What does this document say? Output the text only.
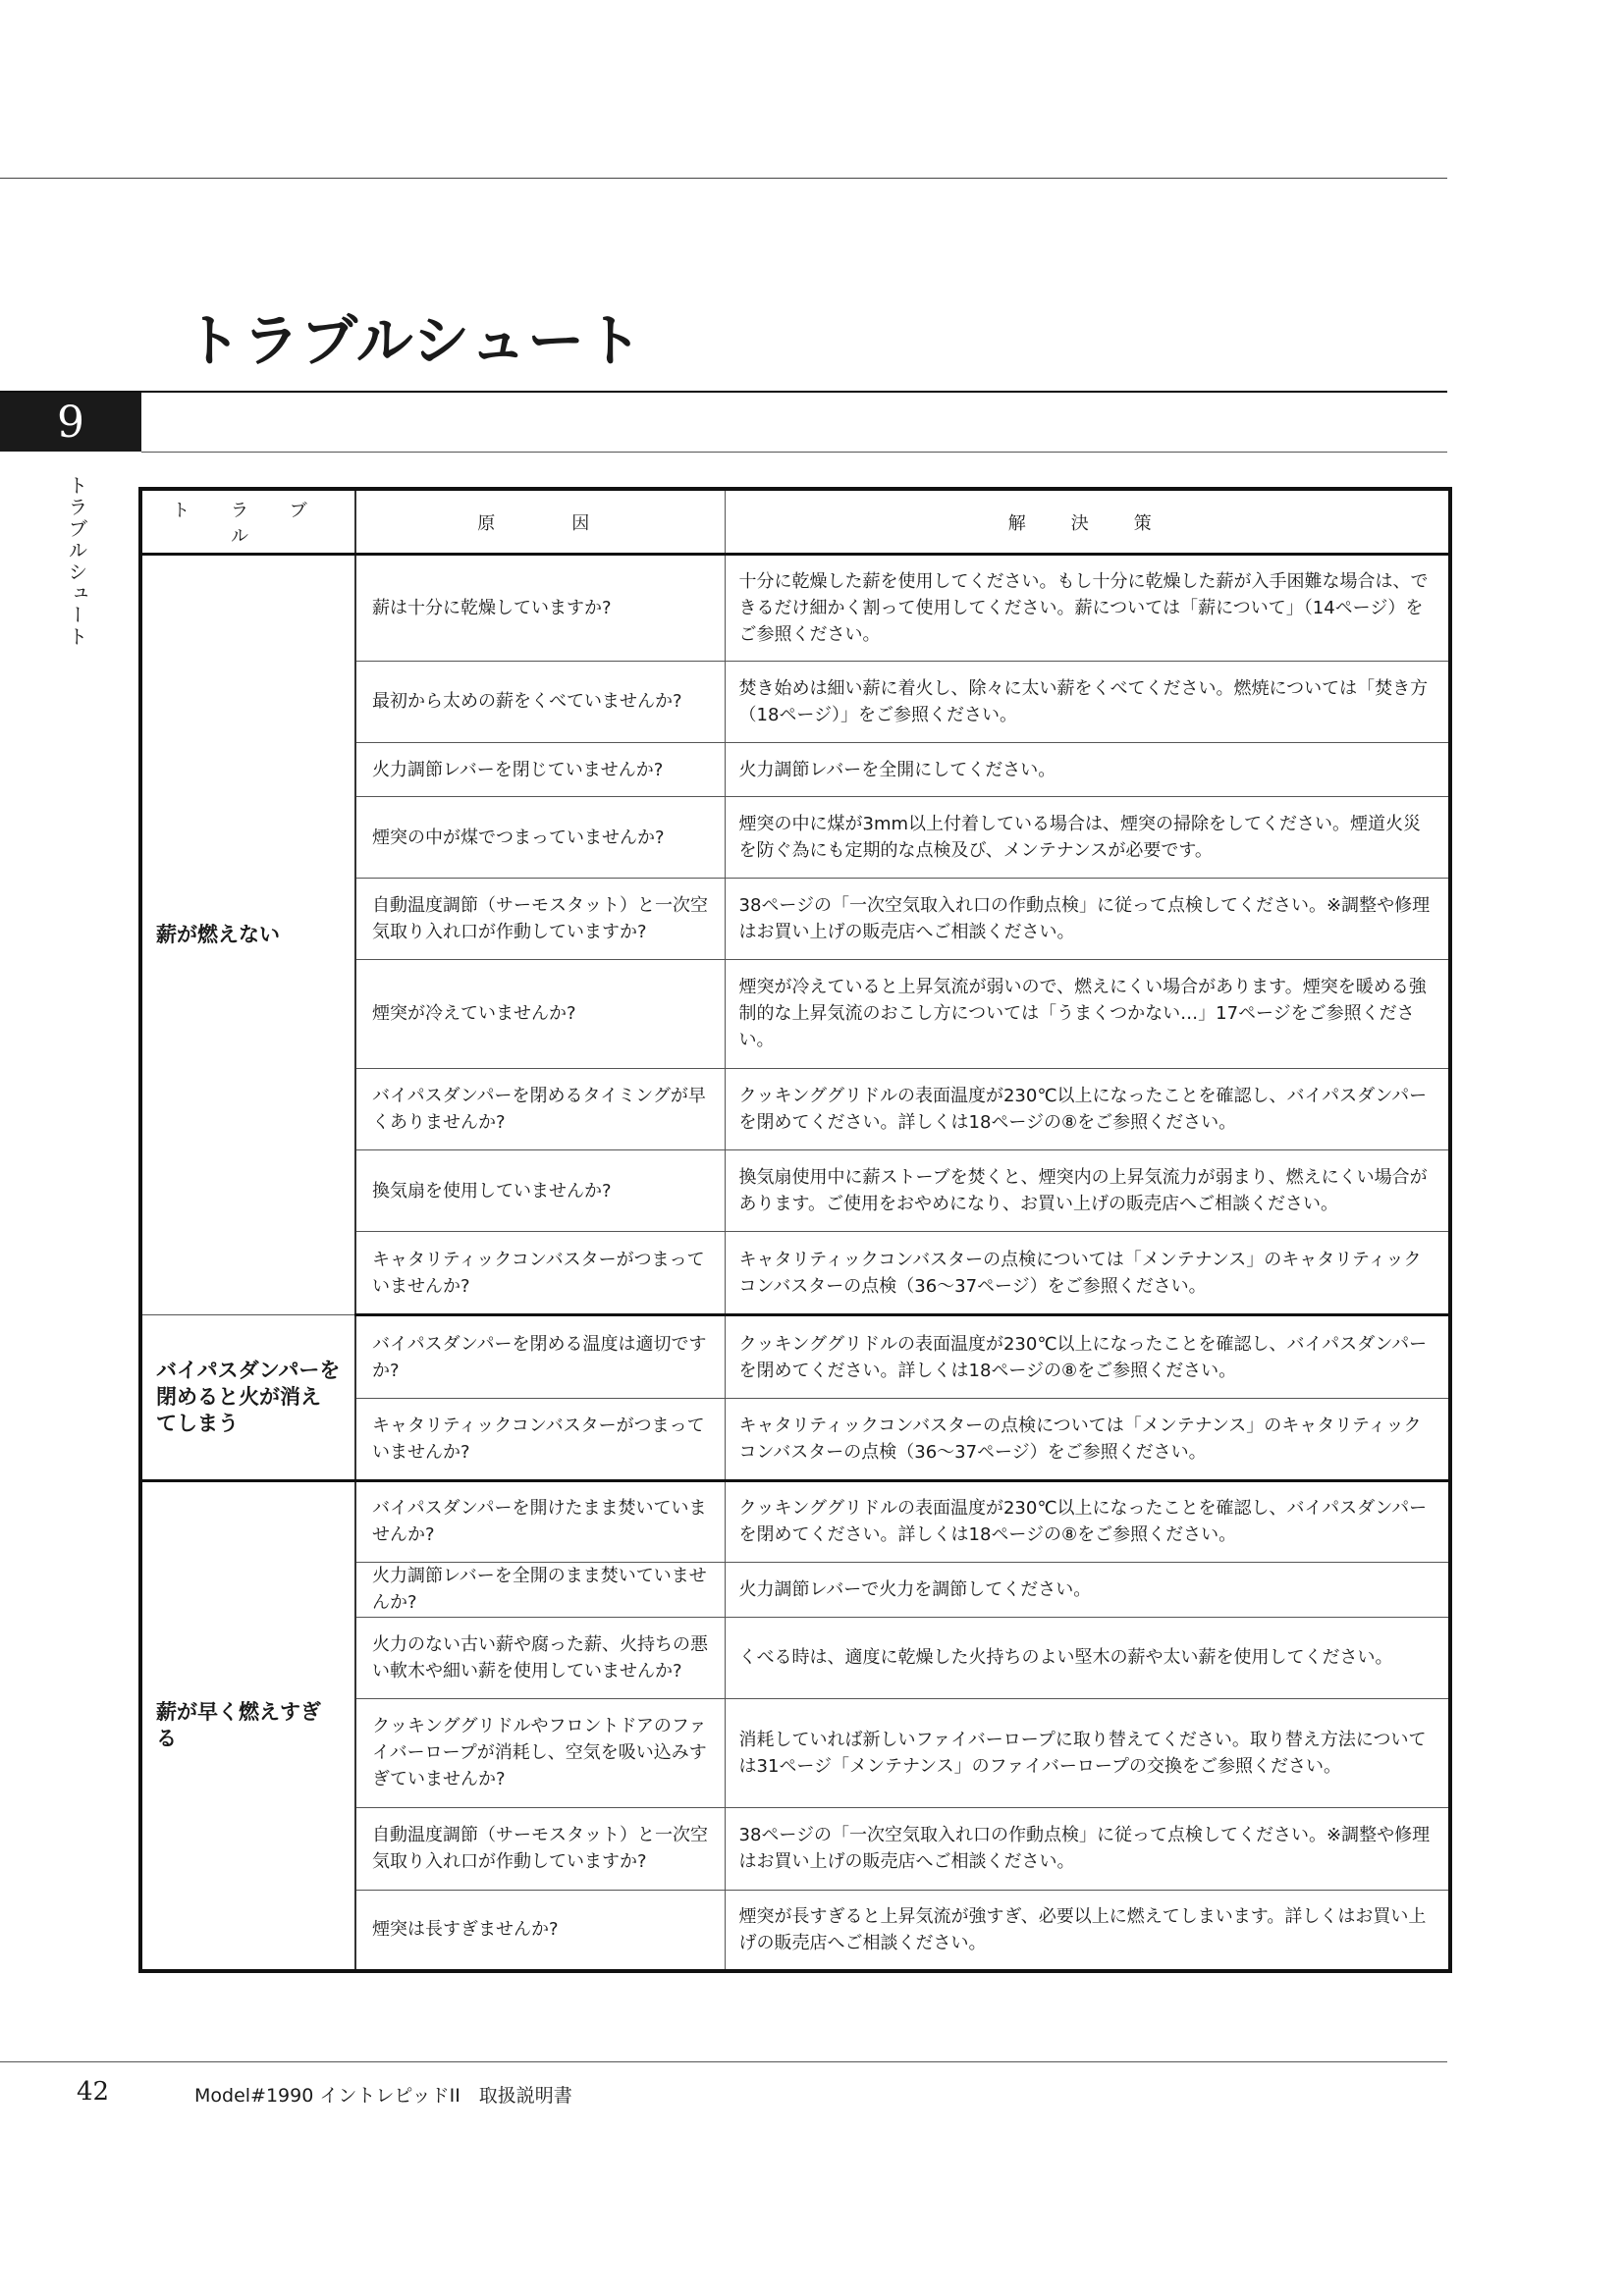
トラブルシュート
9
トラブルシュート	ト ラ ブ ル	原　　因	解　決　策
薪が燃えない	薪は十分に乾燥していますか?	十分に乾燥した薪を使用してください。もし十分に乾燥した薪が入手困難な場合は、できるだけ細かく割って使用してください。薪については「薪について」（14ページ）をご参照ください。
	最初から太めの薪をくべていませんか?	焚き始めは細い薪に着火し、除々に太い薪をくべてください。燃焼については「焚き方（18ページ）」をご参照ください。
	火力調節レバーを閉じていませんか?	火力調節レバーを全開にしてください。
	煙突の中が煤でつまっていませんか?	煙突の中に煤が3mm以上付着している場合は、煙突の掃除をしてください。煙道火災を防ぐ為にも定期的な点検及び、メンテナンスが必要です。
	自動温度調節（サーモスタット）と一次空気取り入れ口が作動していますか?	38ページの「一次空気取入れ口の作動点検」に従って点検してください。※調整や修理はお買い上げの販売店へご相談ください。
	煙突が冷えていませんか?	煙突が冷えていると上昇気流が弱いので、燃えにくい場合があります。煙突を暖める強制的な上昇気流のおこし方については「うまくつかない…」17ページをご参照ください。
	バイパスダンパーを閉めるタイミングが早くありませんか?	クッキンググリドルの表面温度が230℃以上になったことを確認し、バイパスダンパーを閉めてください。詳しくは18ページの⑧をご参照ください。
	換気扇を使用していませんか?	換気扇使用中に薪ストーブを焚くと、煙突内の上昇気流力が弱まり、燃えにくい場合があります。ご使用をおやめになり、お買い上げの販売店へご相談ください。
	キャタリティックコンバスターがつまっていませんか?	キャタリティックコンバスターの点検については「メンテナンス」のキャタリティックコンバスターの点検（36〜37ページ）をご参照ください。
バイパスダンパーを閉めると火が消えてしまう	バイパスダンパーを閉める温度は適切ですか?	クッキンググリドルの表面温度が230℃以上になったことを確認し、バイパスダンパーを閉めてください。詳しくは18ページの⑧をご参照ください。
	キャタリティックコンバスターがつまっていませんか?	キャタリティックコンバスターの点検については「メンテナンス」のキャタリティックコンバスターの点検（36〜37ページ）をご参照ください。
薪が早く燃えすぎる	バイパスダンパーを開けたまま焚いていませんか?	クッキンググリドルの表面温度が230℃以上になったことを確認し、バイパスダンパーを閉めてください。詳しくは18ページの⑧をご参照ください。
	火力調節レバーを全開のまま焚いていませんか?	火力調節レバーで火力を調節してください。
	火力のない古い薪や腐った薪、火持ちの悪い軟木や細い薪を使用していませんか?	くべる時は、適度に乾燥した火持ちのよい堅木の薪や太い薪を使用してください。
	クッキンググリドルやフロントドアのファイバーロープが消耗し、空気を吸い込みすぎていませんか?	消耗していれば新しいファイバーロープに取り替えてください。取り替え方法については31ページ「メンテナンス」のファイバーロープの交換をご参照ください。
	自動温度調節（サーモスタット）と一次空気取り入れ口が作動していますか?	38ページの「一次空気取入れ口の作動点検」に従って点検してください。※調整や修理はお買い上げの販売店へご相談ください。
	煙突は長すぎませんか?	煙突が長すぎると上昇気流が強すぎ、必要以上に燃えてしまいます。詳しくはお買い上げの販売店へご相談ください。
42	Model#1990 イントレピッドII　取扱説明書
